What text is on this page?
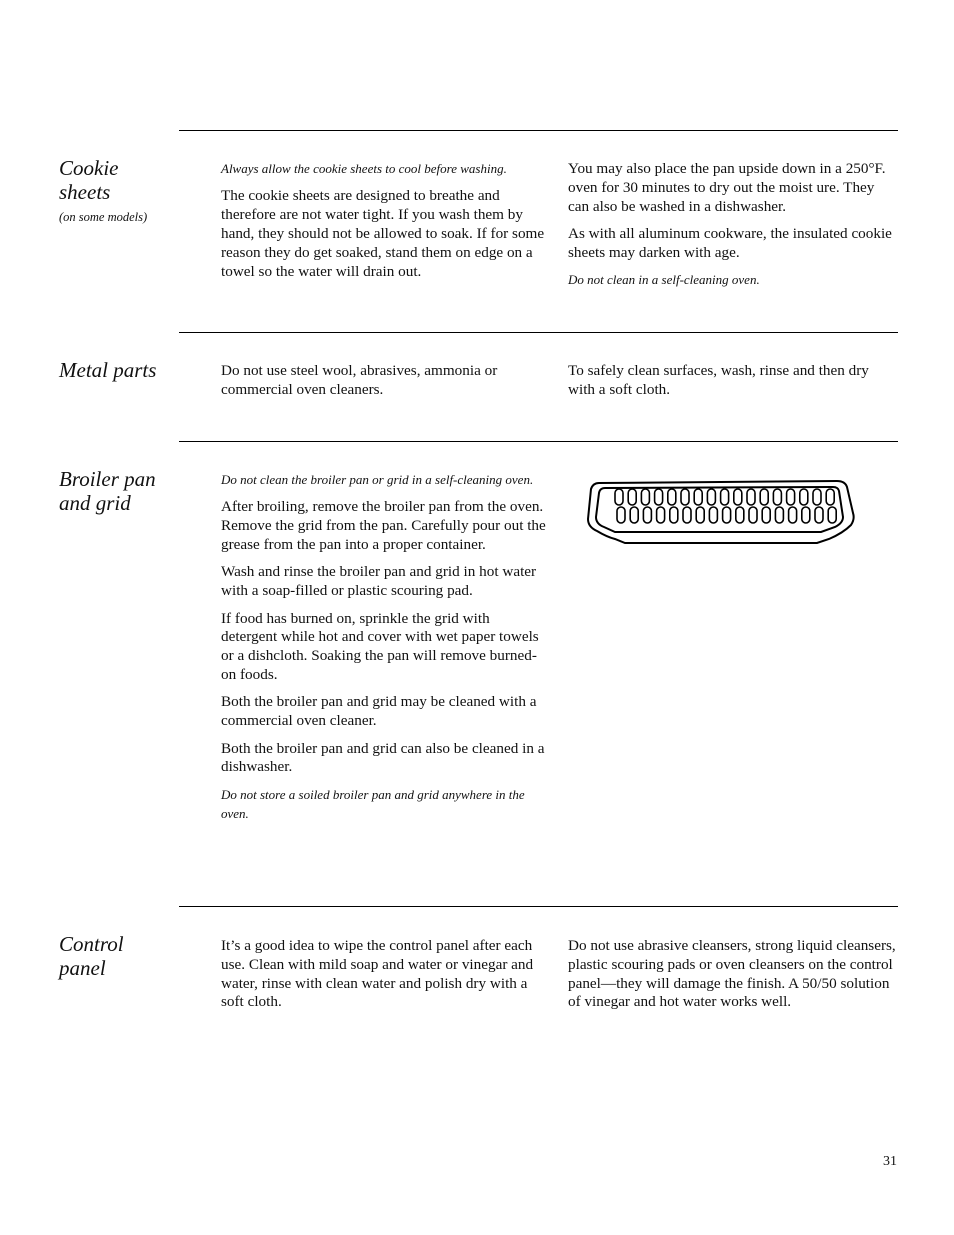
Cookie
sheets
(on some models)

Always allow the cookie sheets to cool before washing.

The cookie sheets are designed to breathe and therefore are not water tight. If you wash them by hand, they should not be allowed to soak. If for some reason they do get soaked, stand them on edge on a towel so the water will drain out.

You may also place the pan upside down in a 250°F. oven for 30 minutes to dry out the moist ure. They can also be washed in a dishwasher.

As with all aluminum cookware, the insulated cookie sheets may darken with age.

Do not clean in a self-cleaning oven.

Metal parts	Do not use steel wool, abrasives, ammonia or commercial oven cleaners.

To safely clean surfaces, wash, rinse and then dry with a soft cloth.

Broiler pan
and grid

Do not clean the broiler pan or grid in a self-cleaning oven.

After broiling, remove the broiler pan from the oven. Remove the grid from the pan. Carefully pour out the grease from the pan into a proper container.

Wash and rinse the broiler pan and grid in hot water with a soap-filled or plastic scouring pad.

If food has burned on, sprinkle the grid with detergent while hot and cover with wet paper towels or a dishcloth. Soaking the pan will remove burned-on foods.

Both the broiler pan and grid may be cleaned with a commercial oven cleaner.

Both the broiler pan and grid can also be cleaned in a dishwasher.

Do not store a soiled broiler pan and grid anywhere in the oven.

Control
panel

It’s a good idea to wipe the control panel after each use. Clean with mild soap and water or vinegar and water, rinse with clean water and polish dry with a soft cloth.

Do not use abrasive cleansers, strong liquid cleansers, plastic scouring pads or oven cleansers on the control panel—they will damage the finish. A 50/50 solution of vinegar and hot water works well.

31
